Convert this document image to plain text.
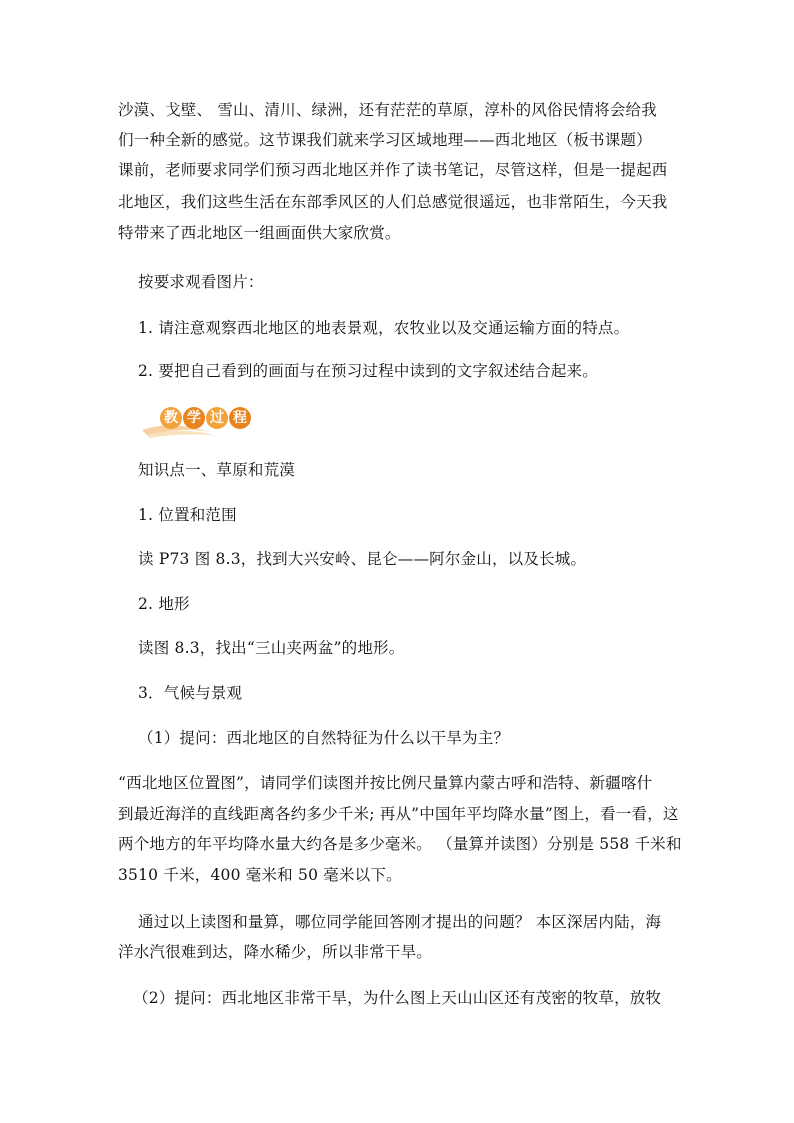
沙漠、戈壁、 雪山、清川、绿洲，还有茫茫的草原，淳朴的风俗民情将会给我
们一种全新的感觉。这节课我们就来学习区域地理——西北地区（板书课题）
课前，老师要求同学们预习西北地区并作了读书笔记，尽管这样，但是一提起西
北地区，我们这些生活在东部季风区的人们总感觉很遥远，也非常陌生，今天我
特带来了西北地区一组画面供大家欣赏。
按要求观看图片：
1. 请注意观察西北地区的地表景观，农牧业以及交通运输方面的特点。
2. 要把自己看到的画面与在预习过程中读到的文字叙述结合起来。
教 学 过 程
知识点一、草原和荒漠
1. 位置和范围
读 P73 图 8.3，找到大兴安岭、昆仑——阿尔金山，以及长城。
2. 地形
读图 8.3，找出“三山夹两盆”的地形。
3．气候与景观
（1）提问：西北地区的自然特征为什么以干旱为主？
“西北地区位置图”，请同学们读图并按比例尺量算内蒙古呼和浩特、新疆喀什
到最近海洋的直线距离各约多少千米; 再从”中国年平均降水量”图上，看一看，这
两个地方的年平均降水量大约各是多少毫米。 （量算并读图）分别是 558 千米和
3510 千米，400 毫米和 50 毫米以下。
通过以上读图和量算，哪位同学能回答刚才提出的问题？ 本区深居内陆，海
洋水汽很难到达，降水稀少，所以非常干旱。
（2）提问：西北地区非常干旱，为什么图上天山山区还有茂密的牧草，放牧
